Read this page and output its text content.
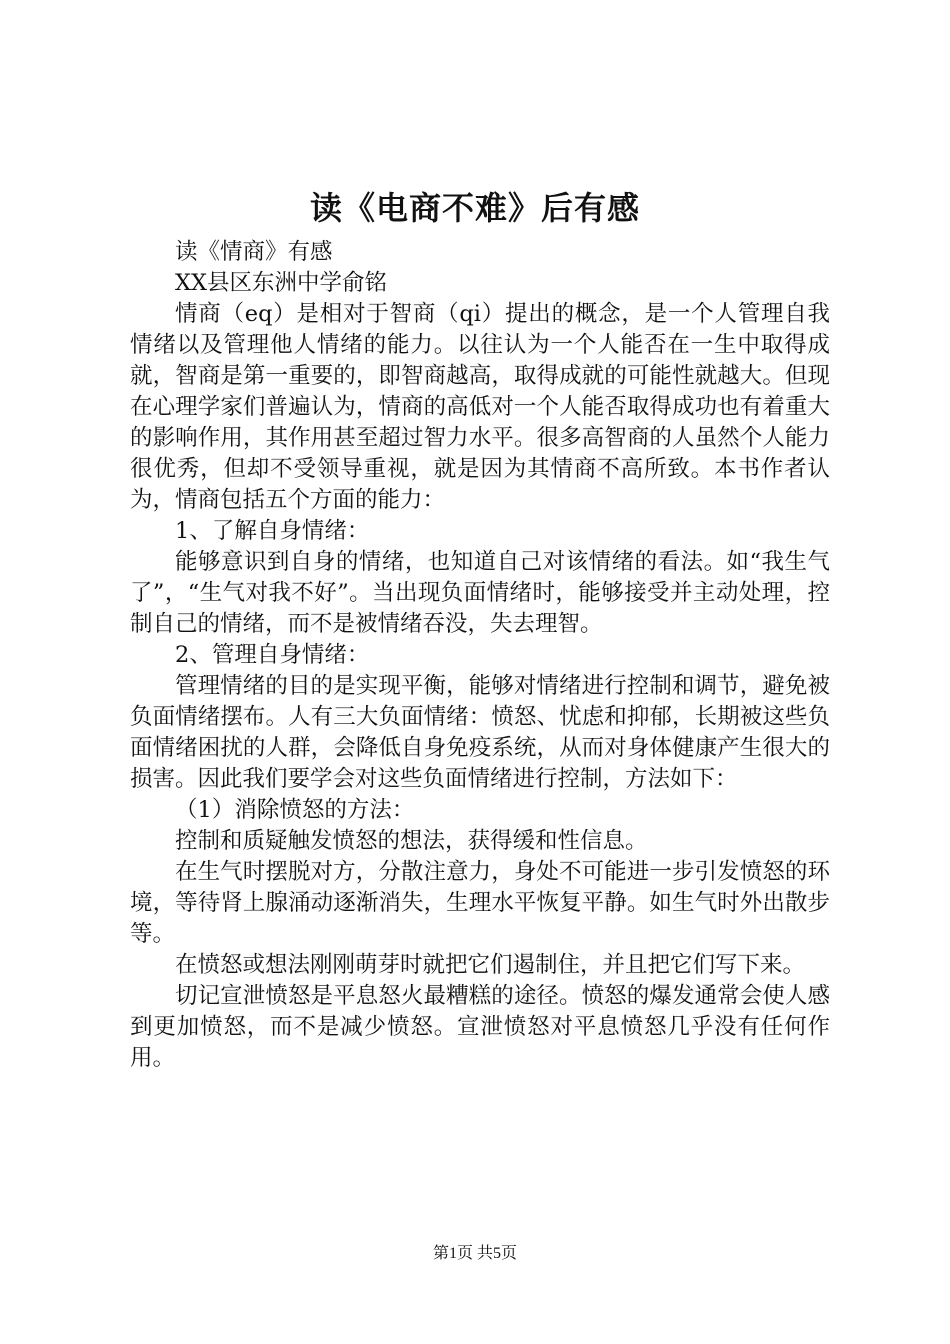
读《电商不难》后有感

读《情商》有感

XX县区东洲中学俞铭

情商（eq）是相对于智商（qi）提出的概念，是一个人管理自我情绪以及管理他人情绪的能力。以往认为一个人能否在一生中取得成就，智商是第一重要的，即智商越高，取得成就的可能性就越大。但现在心理学家们普遍认为，情商的高低对一个人能否取得成功也有着重大的影响作用，其作用甚至超过智力水平。很多高智商的人虽然个人能力很优秀，但却不受领导重视，就是因为其情商不高所致。本书作者认为，情商包括五个方面的能力：

1、了解自身情绪：

能够意识到自身的情绪，也知道自己对该情绪的看法。如“我生气了”，“生气对我不好”。当出现负面情绪时，能够接受并主动处理，控制自己的情绪，而不是被情绪吞没，失去理智。

2、管理自身情绪：

管理情绪的目的是实现平衡，能够对情绪进行控制和调节，避免被负面情绪摆布。人有三大负面情绪：愤怒、忧虑和抑郁，长期被这些负面情绪困扰的人群，会降低自身免疫系统，从而对身体健康产生很大的损害。因此我们要学会对这些负面情绪进行控制，方法如下：

（1）消除愤怒的方法：

控制和质疑触发愤怒的想法，获得缓和性信息。

在生气时摆脱对方，分散注意力，身处不可能进一步引发愤怒的环境，等待肾上腺涌动逐渐消失，生理水平恢复平静。如生气时外出散步等。

在愤怒或想法刚刚萌芽时就把它们遏制住，并且把它们写下来。

切记宣泄愤怒是平息怒火最糟糕的途径。愤怒的爆发通常会使人感到更加愤怒，而不是减少愤怒。宣泄愤怒对平息愤怒几乎没有任何作用。

第1页 共5页
